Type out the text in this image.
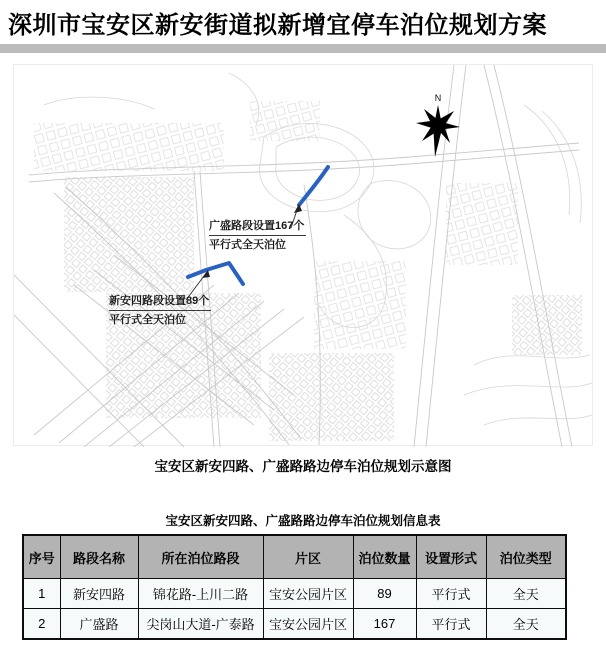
深圳市宝安区新安街道拟新增宜停车泊位规划方案
N
广盛路段设置167个
平行式全天泊位
新安四路段设置89个
平行式全天泊位
宝安区新安四路、广盛路路边停车泊位规划示意图
宝安区新安四路、广盛路路边停车泊位规划信息表
序号	路段名称	所在泊位路段	片区	泊位数量	设置形式	泊位类型
1	新安四路	锦花路-上川二路	宝安公园片区	89	平行式	全天
2	广盛路	尖岗山大道-广泰路	宝安公园片区	167	平行式	全天
